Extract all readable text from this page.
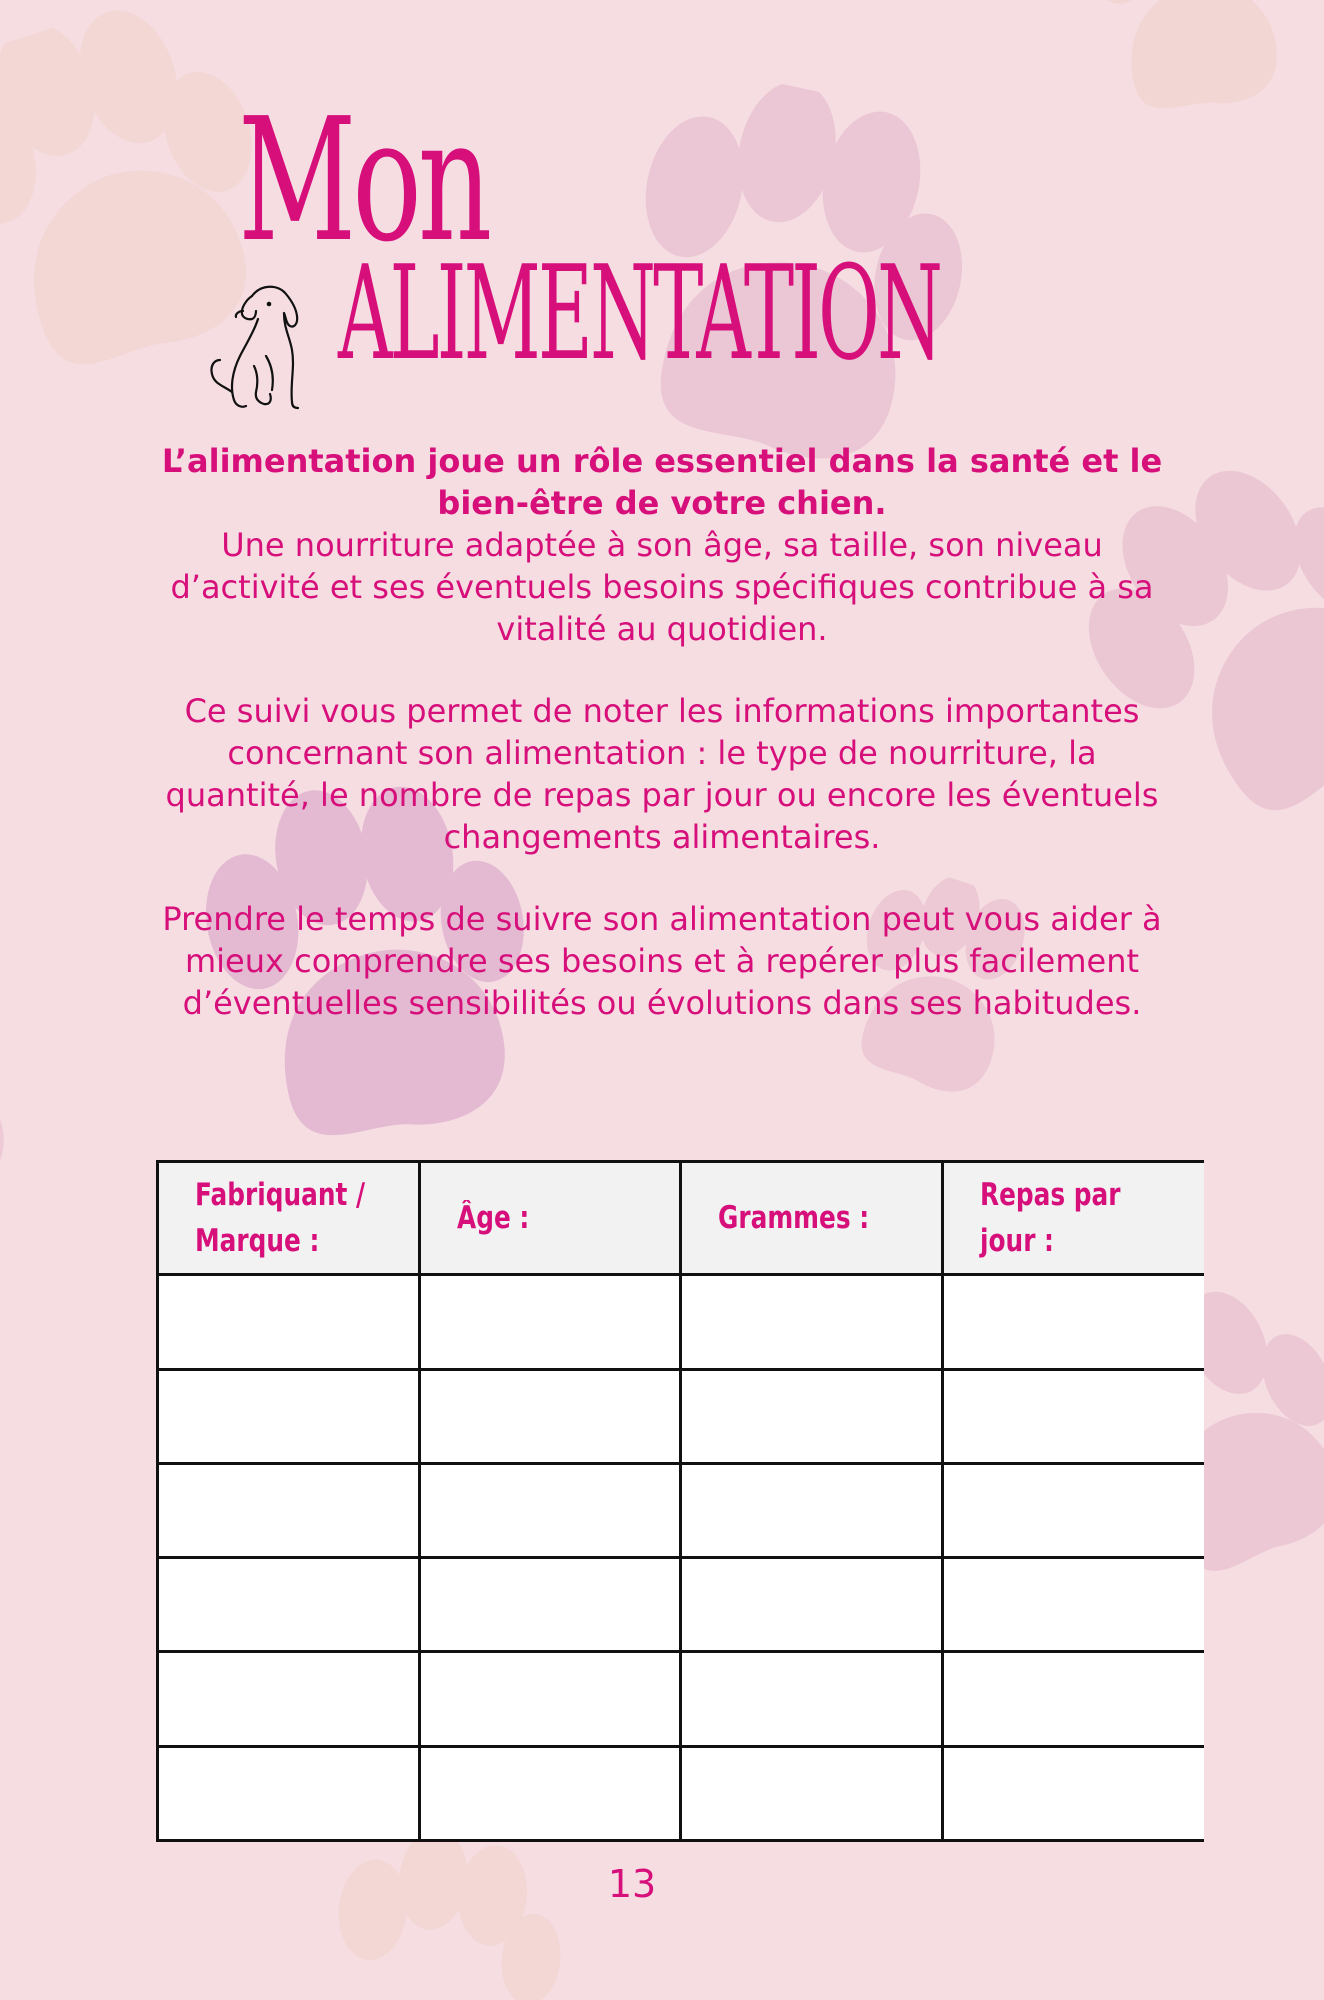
Mon
ALIMENTATION

L’alimentation joue un rôle essentiel dans la santé et le bien-être de votre chien.

Une nourriture adaptée à son âge, sa taille, son niveau d’activité et ses éventuels besoins spécifiques contribue à sa vitalité au quotidien.

Ce suivi vous permet de noter les informations importantes concernant son alimentation : le type de nourriture, la quantité, le nombre de repas par jour ou encore les éventuels changements alimentaires.

Prendre le temps de suivre son alimentation peut vous aider à mieux comprendre ses besoins et à repérer plus facilement d’éventuelles sensibilités ou évolutions dans ses habitudes.

Fabriquant / Marque :	Âge :	Grammes :	Repas par jour :

13
